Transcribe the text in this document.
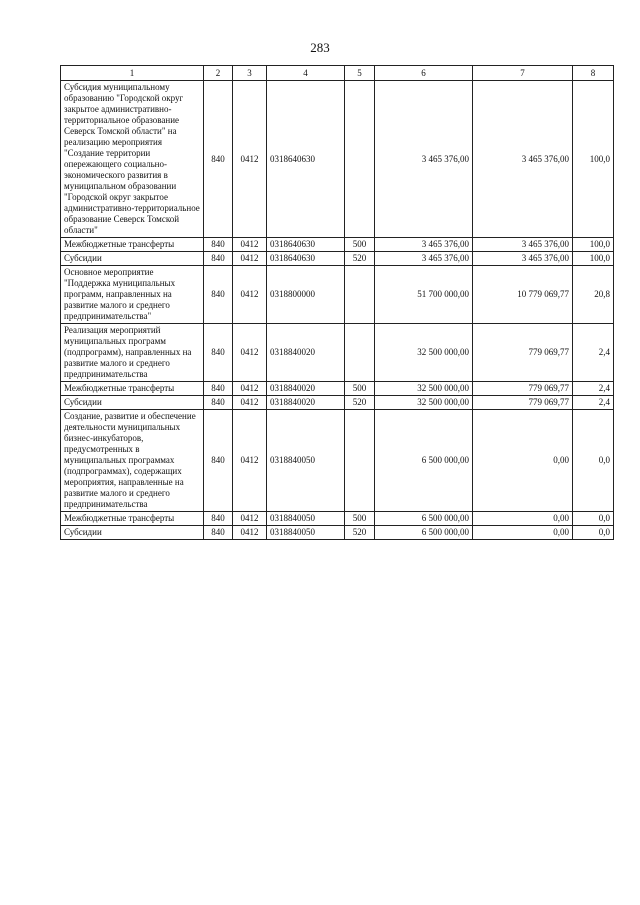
283
1	2	3	4	5	6	7	8
Субсидия муниципальному образованию "Городской округ закрытое административно-территориальное образование Северск Томской области" на реализацию мероприятия "Создание территории опережающего социально-экономического развития в муниципальном образовании "Городской округ закрытое административно-территориальное образование Северск Томской области"	840	0412	0318640630		3 465 376,00	3 465 376,00	100,0
Межбюджетные трансферты	840	0412	0318640630	500	3 465 376,00	3 465 376,00	100,0
Субсидии	840	0412	0318640630	520	3 465 376,00	3 465 376,00	100,0
Основное мероприятие "Поддержка муниципальных программ, направленных на развитие малого и среднего предпринимательства"	840	0412	0318800000		51 700 000,00	10 779 069,77	20,8
Реализация мероприятий муниципальных программ (подпрограмм), направленных на развитие малого и среднего предпринимательства	840	0412	0318840020		32 500 000,00	779 069,77	2,4
Межбюджетные трансферты	840	0412	0318840020	500	32 500 000,00	779 069,77	2,4
Субсидии	840	0412	0318840020	520	32 500 000,00	779 069,77	2,4
Создание, развитие и обеспечение деятельности муниципальных бизнес-инкубаторов, предусмотренных в муниципальных программах (подпрограммах), содержащих мероприятия, направленные на развитие малого и среднего предпринимательства	840	0412	0318840050		6 500 000,00	0,00	0,0
Межбюджетные трансферты	840	0412	0318840050	500	6 500 000,00	0,00	0,0
Субсидии	840	0412	0318840050	520	6 500 000,00	0,00	0,0
